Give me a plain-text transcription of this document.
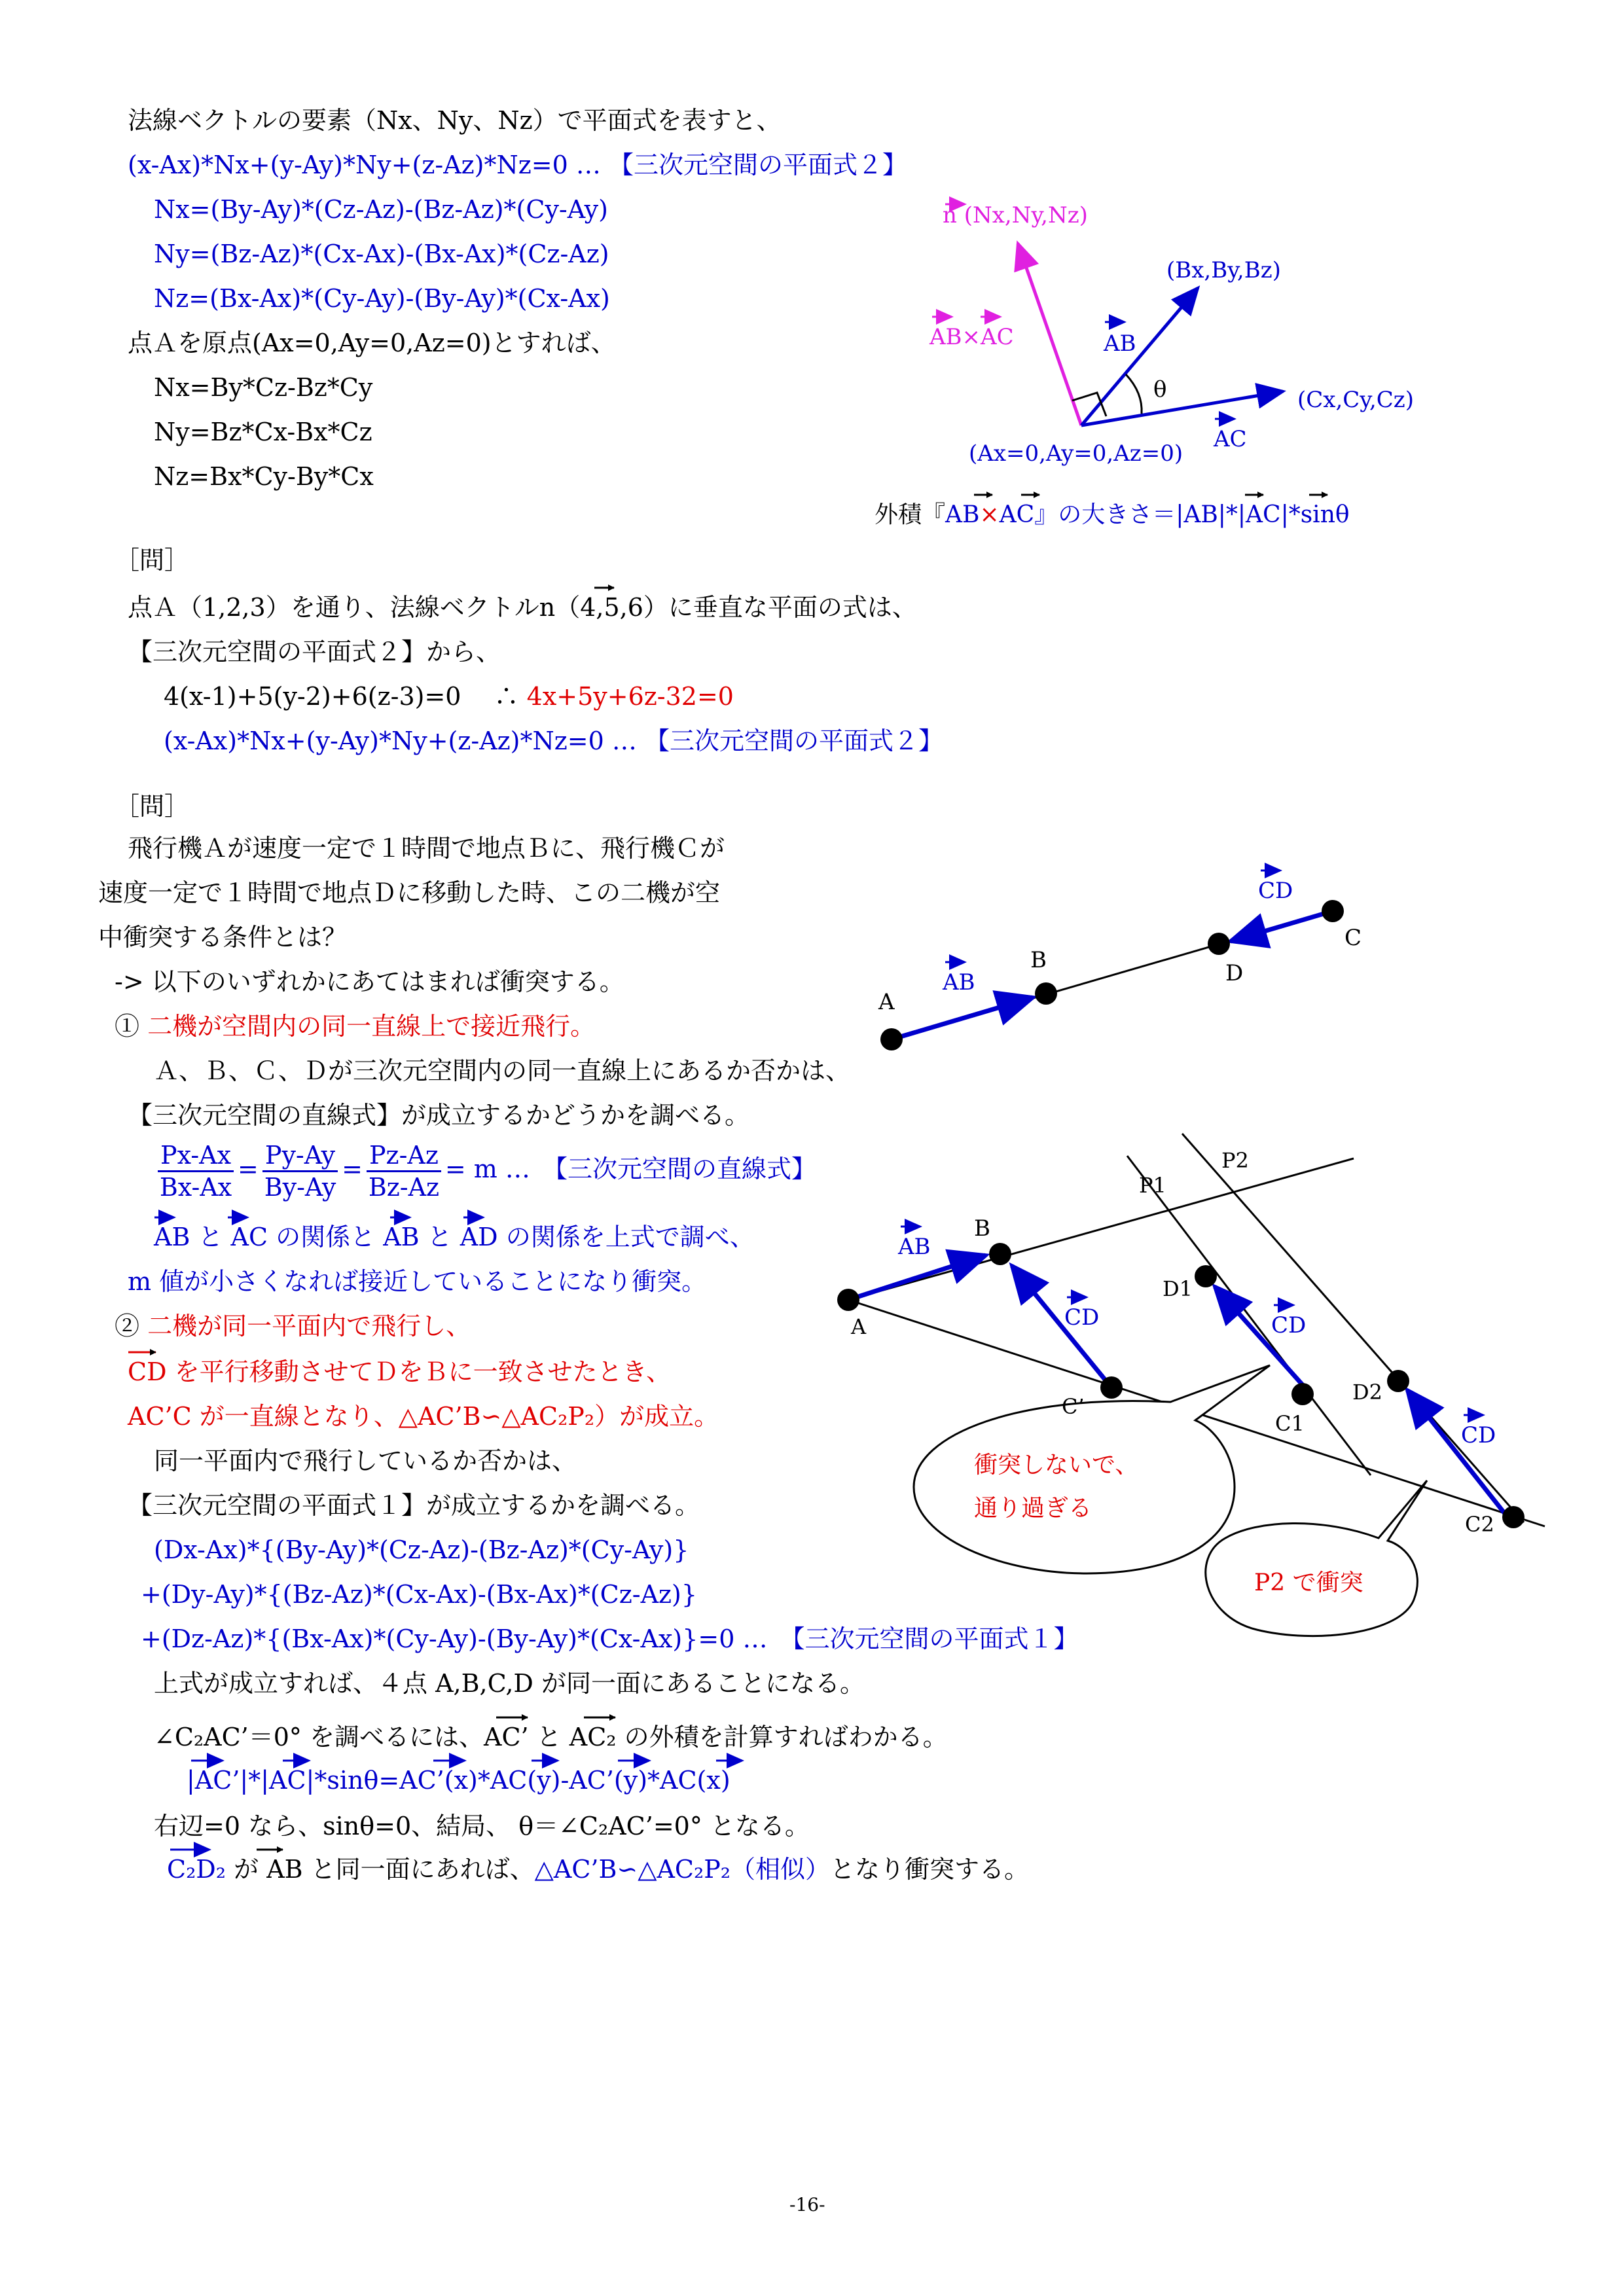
法線ベクトルの要素（Nx、Ny、Nz）で平面式を表すと、
(x-Ax)*Nx+(y-Ay)*Ny+(z-Az)*Nz=0 … 【三次元空間の平面式２】
Nx=(By-Ay)*(Cz-Az)-(Bz-Az)*(Cy-Ay)
Ny=(Bz-Az)*(Cx-Ax)-(Bx-Ax)*(Cz-Az)
Nz=(Bx-Ax)*(Cy-Ay)-(By-Ay)*(Cx-Ax)
点Ａを原点(Ax=0,Ay=0,Az=0)とすれば、
Nx=By*Cz-Bz*Cy
Ny=Bz*Cx-Bx*Cz
Nz=Bx*Cy-By*Cx
n (Nx,Ny,Nz)
(Bx,By,Bz)
AB×AC	AB
θ	(Cx,Cy,Cz)
AC
(Ax=0,Ay=0,Az=0)
外積『AB×AC』の大きさ＝|AB|*|AC|*sinθ
［問］
点Ａ（1,2,3）を通り、法線ベクトルn（4,5,6）に垂直な平面の式は、
【三次元空間の平面式２】から、
4(x-1)+5(y-2)+6(z-3)=0　 ∴ 4x+5y+6z-32=0
(x-Ax)*Nx+(y-Ay)*Ny+(z-Az)*Nz=0 … 【三次元空間の平面式２】
［問］
飛行機Ａが速度一定で１時間で地点Ｂに、飛行機Ｃが
速度一定で１時間で地点Ｄに移動した時、この二機が空
中衝突する条件とは？
-> 以下のいずれかにあてはまれば衝突する。
① 二機が空間内の同一直線上で接近飛行。
Ａ、Ｂ、Ｃ、Ｄが三次元空間内の同一直線上にあるか否かは、
【三次元空間の直線式】が成立するかどうかを調べる。
$\frac{Px-Ax}{Bx-Ax} = \frac{Py-Ay}{By-Ay} = \frac{Pz-Az}{Bz-Az} = m$ …　 【三次元空間の直線式】
AB と AC の関係と AB と AD の関係を上式で調べ、
m 値が小さくなれば接近していることになり衝突。
② 二機が同一平面内で飛行し、
CD を平行移動させてＤをＢに一致させたとき、
AC’C が一直線となり、△AC’B∽△AC₂P₂）が成立。
同一平面内で飛行しているか否かは、
【三次元空間の平面式１】が成立するかを調べる。
(Dx-Ax)*{(By-Ay)*(Cz-Az)-(Bz-Az)*(Cy-Ay)}
+(Dy-Ay)*{(Bz-Az)*(Cx-Ax)-(Bx-Ax)*(Cz-Az)}
+(Dz-Az)*{(Bx-Ax)*(Cy-Ay)-(By-Ay)*(Cx-Ax)}=0 …　 【三次元空間の平面式１】
上式が成立すれば、４点 A,B,C,D が同一面にあることになる。
∠C₂AC’＝0° を調べるには、AC’ と AC₂ の外積を計算すればわかる。
|AC’|*|AC|*sinθ=AC’(x)*AC(y)-AC’(y)*AC(x)
右辺=0 なら、sinθ=0、結局、 θ＝∠C₂AC’=0° となる。
C₂D₂ が AB と同一面にあれば、△AC’B∽△AC₂P₂（相似）となり衝突する。
A
B	D
C
AB
CD
A
B
AB
CD	CD
CD
C’
C1
C2
D1
D2
P1
P2
衝突しないで、
通り過ぎる
P2 で衝突
-16-
